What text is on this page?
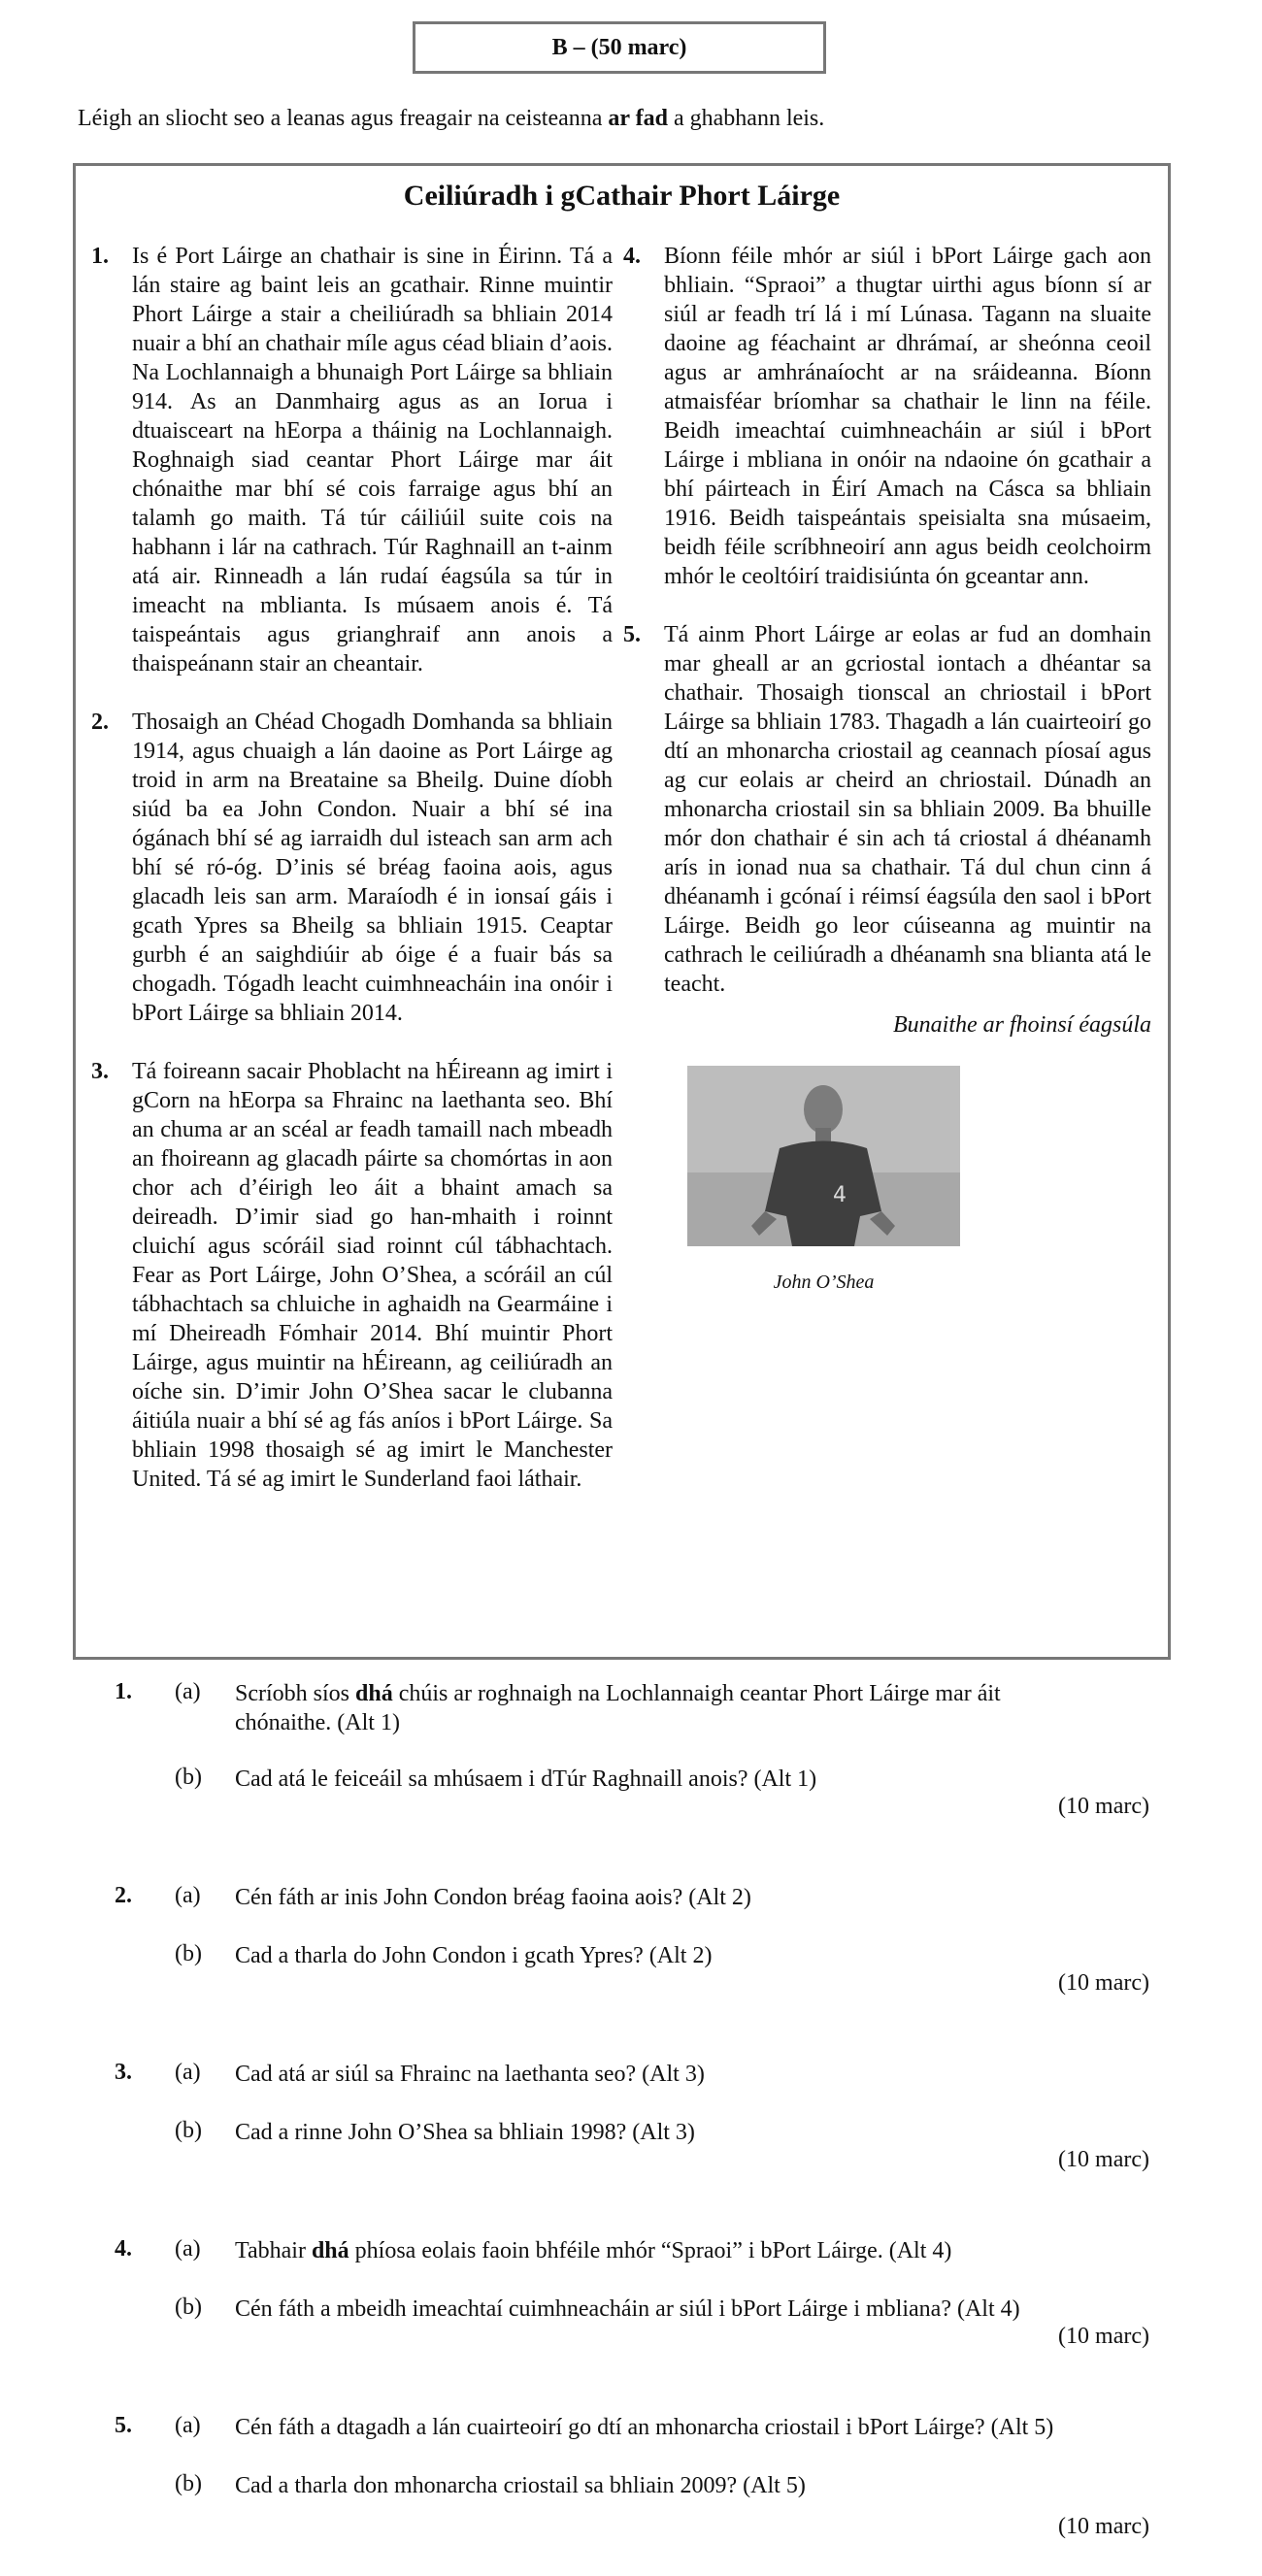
B – (50 marc)
Léigh an sliocht seo a leanas agus freagair na ceisteanna ar fad a ghabhann leis.
Ceiliúradh i gCathair Phort Láirge
1.	Is é Port Láirge an chathair is sine in Éirinn. Tá a lán staire ag baint leis an gcathair. Rinne muintir Phort Láirge a stair a cheiliúradh sa bhliain 2014 nuair a bhí an chathair míle agus céad bliain d’aois. Na Lochlannaigh a bhunaigh Port Láirge sa bhliain 914. As an Danmhairg agus as an Iorua i dtuaisceart na hEorpa a tháinig na Lochlannaigh. Roghnaigh siad ceantar Phort Láirge mar áit chónaithe mar bhí sé cois farraige agus bhí an talamh go maith. Tá túr cáiliúil suite cois na habhann i lár na cathrach. Túr Raghnaill an t-ainm atá air. Rinneadh a lán rudaí éagsúla sa túr in imeacht na mblianta. Is músaem anois é. Tá taispeántais agus grianghraif ann anois a thaispeánann stair an cheantair.
2.	Thosaigh an Chéad Chogadh Domhanda sa bhliain 1914, agus chuaigh a lán daoine as Port Láirge ag troid in arm na Breataine sa Bheilg. Duine díobh siúd ba ea John Condon. Nuair a bhí sé ina ógánach bhí sé ag iarraidh dul isteach san arm ach bhí sé ró-óg. D’inis sé bréag faoina aois, agus glacadh leis san arm. Maraíodh é in ionsaí gáis i gcath Ypres sa Bheilg sa bhliain 1915. Ceaptar gurbh é an saighdiúir ab óige é a fuair bás sa chogadh. Tógadh leacht cuimhneacháin ina onóir i bPort Láirge sa bhliain 2014.
3.	Tá foireann sacair Phoblacht na hÉireann ag imirt i gCorn na hEorpa sa Fhrainc na laethanta seo. Bhí an chuma ar an scéal ar feadh tamaill nach mbeadh an fhoireann ag glacadh páirte sa chomórtas in aon chor ach d’éirigh leo áit a bhaint amach sa deireadh. D’imir siad go han-mhaith i roinnt cluichí agus scóráil siad roinnt cúl tábhachtach. Fear as Port Láirge, John O’Shea, a scóráil an cúl tábhachtach sa chluiche in aghaidh na Gearmáine i mí Dheireadh Fómhair 2014. Bhí muintir Phort Láirge, agus muintir na hÉireann, ag ceiliúradh an oíche sin. D’imir John O’Shea sacar le clubanna áitiúla nuair a bhí sé ag fás aníos i bPort Láirge. Sa bhliain 1998 thosaigh sé ag imirt le Manchester United. Tá sé ag imirt le Sunderland faoi láthair.
4.	Bíonn féile mhór ar siúl i bPort Láirge gach aon bhliain. “Spraoi” a thugtar uirthi agus bíonn sí ar siúl ar feadh trí lá i mí Lúnasa. Tagann na sluaite daoine ag féachaint ar dhrámaí, ar sheónna ceoil agus ar amhránaíocht ar na sráideanna. Bíonn atmaisféar bríomhar sa chathair le linn na féile. Beidh imeachtaí cuimhneacháin ar siúl i bPort Láirge i mbliana in onóir na ndaoine ón gcathair a bhí páirteach in Éirí Amach na Cásca sa bhliain 1916. Beidh taispeántais speisialta sna músaeim, beidh féile scríbhneoirí ann agus beidh ceolchoirm mhór le ceoltóirí traidisiúnta ón gceantar ann.
5.	Tá ainm Phort Láirge ar eolas ar fud an domhain mar gheall ar an gcriostal iontach a dhéantar sa chathair. Thosaigh tionscal an chriostail i bPort Láirge sa bhliain 1783. Thagadh a lán cuairteoirí go dtí an mhonarcha criostail ag ceannach píosaí agus ag cur eolais ar cheird an chriostail. Dúnadh an mhonarcha criostail sin sa bhliain 2009. Ba bhuille mór don chathair é sin ach tá criostal á dhéanamh arís in ionad nua sa chathair. Tá dul chun cinn á dhéanamh i gcónaí i réimsí éagsúla den saol i bPort Láirge. Beidh go leor cúiseanna ag muintir na cathrach le ceiliúradh a dhéanamh sna blianta atá le teacht.
Bunaithe ar fhoinsí éagsúla
4
John O’Shea
1. (a) Scríobh síos dhá chúis ar roghnaigh na Lochlannaigh ceantar Phort Láirge mar áit chónaithe. (Alt 1)
(b) Cad atá le feiceáil sa mhúsaem i dTúr Raghnaill anois? (Alt 1)
(10 marc)
2. (a) Cén fáth ar inis John Condon bréag faoina aois? (Alt 2)
(b) Cad a tharla do John Condon i gcath Ypres? (Alt 2)
(10 marc)
3. (a) Cad atá ar siúl sa Fhrainc na laethanta seo? (Alt 3)
(b) Cad a rinne John O’Shea sa bhliain 1998? (Alt 3)
(10 marc)
4. (a) Tabhair dhá phíosa eolais faoin bhféile mhór “Spraoi” i bPort Láirge. (Alt 4)
(b) Cén fáth a mbeidh imeachtaí cuimhneacháin ar siúl i bPort Láirge i mbliana? (Alt 4)
(10 marc)
5. (a) Cén fáth a dtagadh a lán cuairteoirí go dtí an mhonarcha criostail i bPort Láirge? (Alt 5)
(b) Cad a tharla don mhonarcha criostail sa bhliain 2009? (Alt 5)
(10 marc)
